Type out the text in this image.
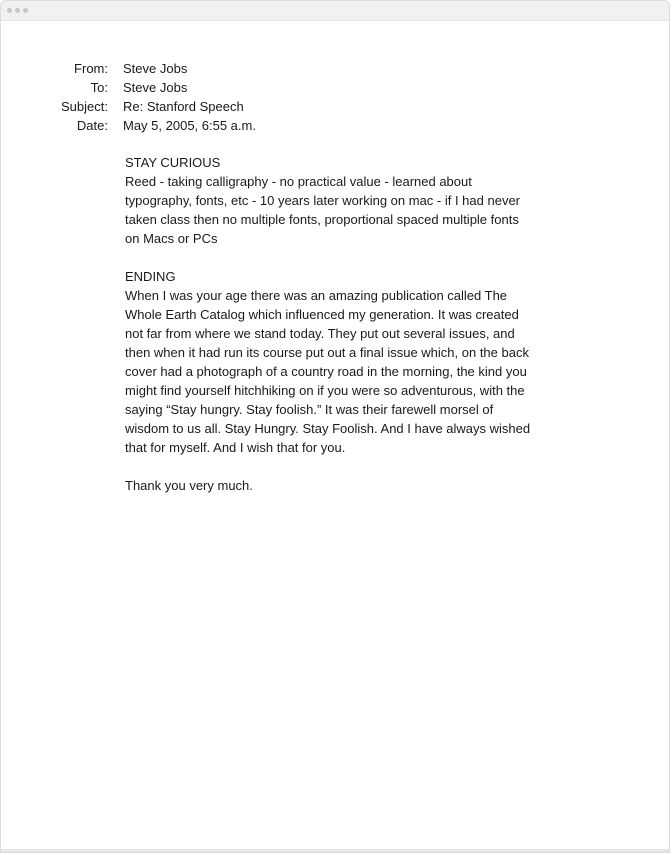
From: Steve Jobs
To: Steve Jobs
Subject: Re: Stanford Speech
Date: May 5, 2005, 6:55 a.m.
STAY CURIOUS
Reed - taking calligraphy - no practical value - learned about typography, fonts, etc - 10 years later working on mac - if I had never taken class then no multiple fonts, proportional spaced multiple fonts on Macs or PCs
ENDING
When I was your age there was an amazing publication called The Whole Earth Catalog which influenced my generation. It was created not far from where we stand today. They put out several issues, and then when it had run its course put out a final issue which, on the back cover had a photograph of a country road in the morning, the kind you might find yourself hitchhiking on if you were so adventurous, with the saying “Stay hungry. Stay foolish.” It was their farewell morsel of wisdom to us all. Stay Hungry. Stay Foolish. And I have always wished that for myself. And I wish that for you.
Thank you very much.
